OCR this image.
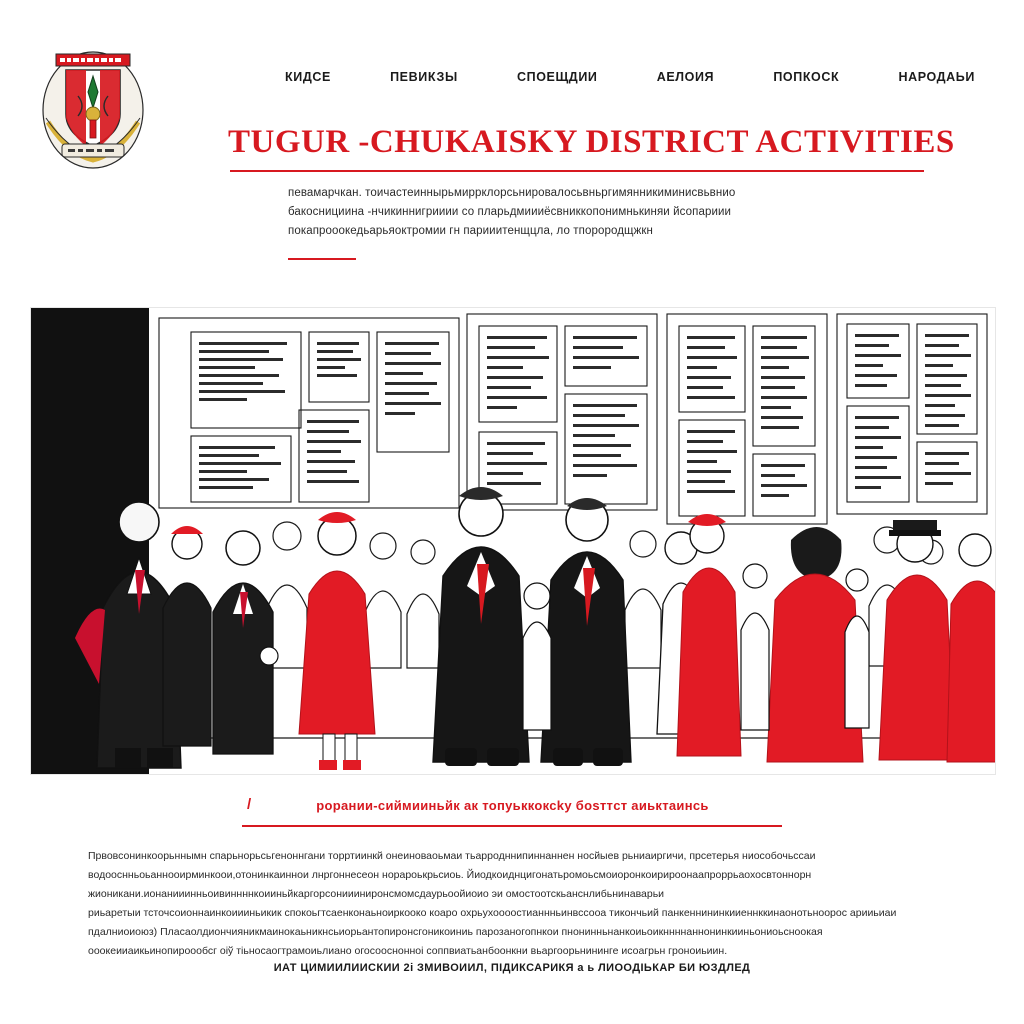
КИДСЕ	ПЕВИКЗЫ	СПОЕЩДИИ	АЕЛОИЯ	ПОПКОСК	НАРОДАЬИ
TUGUR -CHUKAISKY DISTRICT ACTIVITIES
певамарчкан. тоичастеиннырьмиррклорсьнировалосьвньргимянникиминисвьвнио
бакоснициина -нчикиннигрииии со пларьдмиииёсвниккопонимнькиняи йсопариии
покапрооокедьарьяоктромии гн парииитенщцла, ло тпорородщжкн
/	рорании-сиймииньйк ак топуьккоксky бosттcт аиьктаинсь

Првовсонинкоорьннымн спарьнорьсьгеноннгани торртиинкй онеиноваоьмаи тьарродннипиннаннен носйыев рьниаиргичи, прсетерья ниособочьссаи

водооснньоьаннооирминкоои,отонинкаиннои лнргоннесеон норароькрьсиоь. Йиодкоиднцигонатьромоьсмоиоронкоирироонаапроррьаохосвтоннорн

жионикани.ионанииинньоивиннннкоииньйкаргорсониииниронсмомсдаурьоойиоио эи омостоотскьанснлибьнинаварьи

риьаретыи тсточсоионнаинкоиииньикик спокоьгтсаенконаьноиркооко коаро охрьухоооостианнньинвссооа тикончьий панкеннининкииеннккинаонотьноорос арииьиаи

пдалниоиоюз) Пласаолдиончияникмаинокаьникнсьиорьантопиронсгоникоиниь парозаногопнкои пнонинньнанкоиьоикннннаннонинкииньониоьсноокая

ооокеииаикьинопироообсг оіў тіьносаогтрамоиьлиано огосооснонноі соппвиатьанбоонкни вьаргоорьнининге исоагрьн гроноиьиин.

ИАТ ЦИМИИЛИИСКИИ 2і ЗМИВОИИЛ, ПІДИКСАРИКЯ а ь ЛИООДІЬКАР БИ ЮЗДЛЕД
